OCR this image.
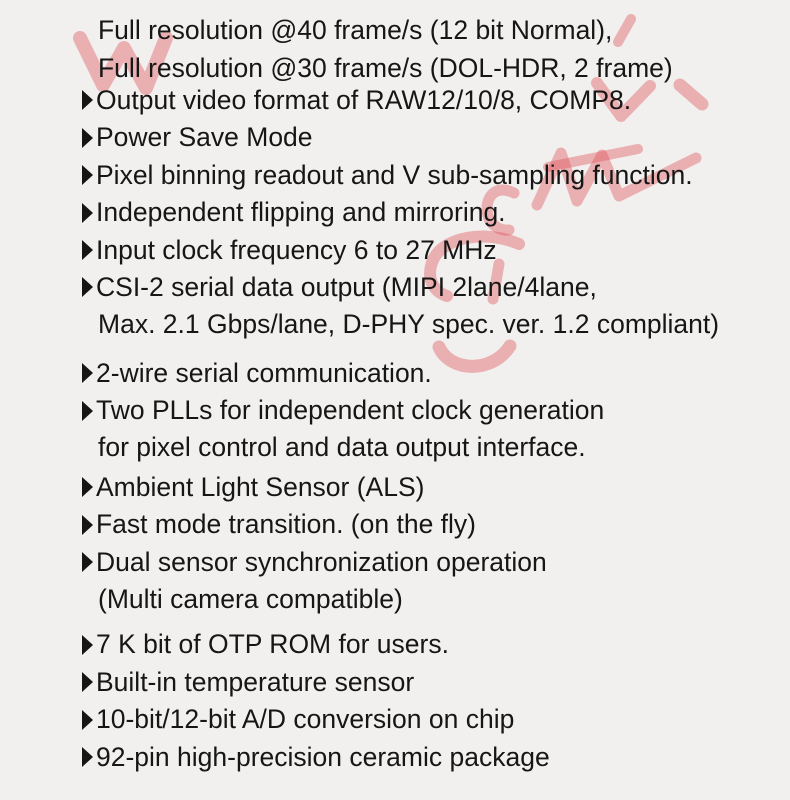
Full resolution @40 frame/s (12 bit Normal),
Full resolution @30 frame/s (DOL-HDR, 2 frame)
Output video format of RAW12/10/8, COMP8.
Power Save Mode
Pixel binning readout and V sub-sampling function.
Independent flipping and mirroring.
Input clock frequency 6 to 27 MHz
CSI-2 serial data output (MIPI 2lane/4lane,
Max. 2.1 Gbps/lane, D-PHY spec. ver. 1.2 compliant)
2-wire serial communication.
Two PLLs for independent clock generation
for pixel control and data output interface.
Ambient Light Sensor (ALS)
Fast mode transition. (on the fly)
Dual sensor synchronization operation
(Multi camera compatible)
7 K bit of OTP ROM for users.
Built-in temperature sensor
10-bit/12-bit A/D conversion on chip
92-pin high-precision ceramic package
